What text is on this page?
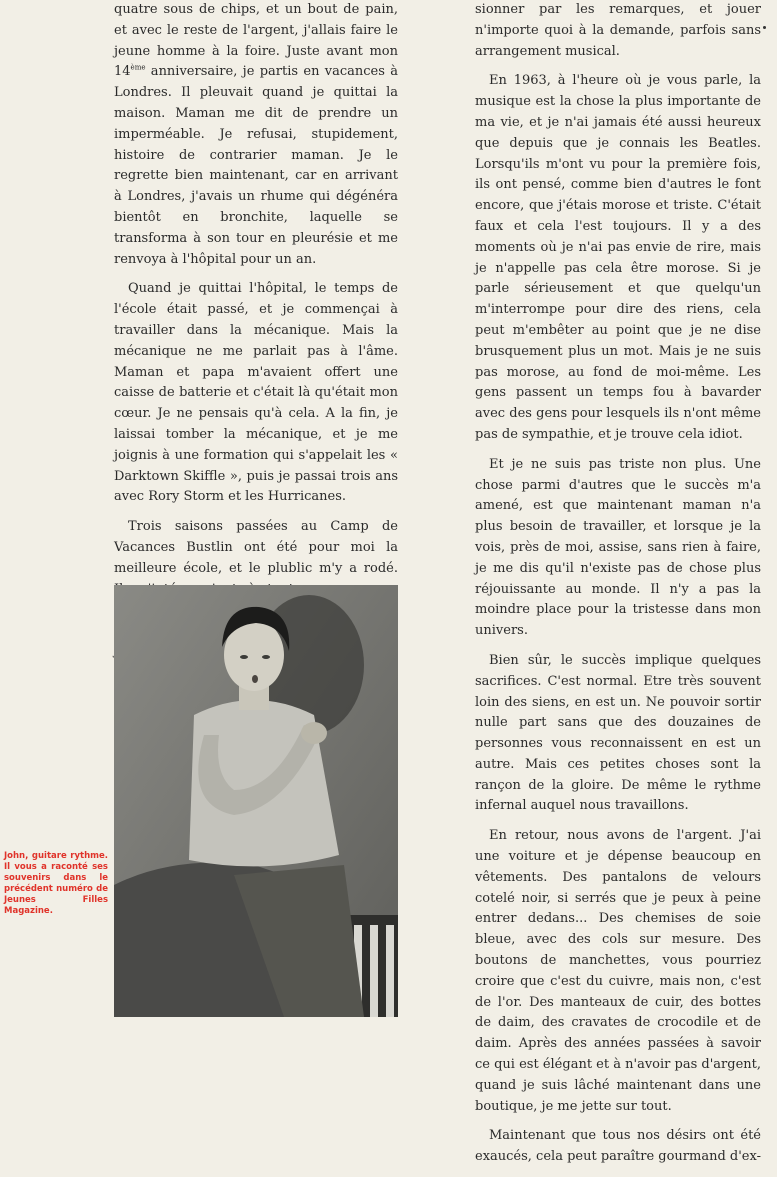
quatre sous de chips, et un bout de pain, et avec le reste de l'argent, j'allais faire le jeune homme à la foire. Juste avant mon 14ème anniversaire, je partis en vacances à Londres. Il pleuvait quand je quittai la maison. Maman me dit de prendre un imperméable. Je refusai, stupidement, histoire de contrarier maman. Je le regrette bien maintenant, car en arrivant à Londres, j'avais un rhume qui dégénéra bientôt en bronchite, laquelle se transforma à son tour en pleurésie et me renvoya à l'hôpital pour un an.

Quand je quittai l'hôpital, le temps de l'école était passé, et je commençai à travailler dans la mécanique. Mais la mécanique ne me parlait pas à l'âme. Maman et papa m'avaient offert une caisse de batterie et c'était là qu'était mon cœur. Je ne pensais qu'à cela. A la fin, je laissai tomber la mécanique, et je me joignis à une formation qui s'appelait les « Darktown Skiffle », puis je passai trois ans avec Rory Storm et les Hurricanes.

Trois saisons passées au Camp de Vacances Bustlin ont été pour moi la meilleure école, et le plublic m'y a rodé.

John, guitare rythme. Il vous a raconté ses souvenirs dans le précédent numéro de Jeunes Filles Magazine.

sionner par les remarques, et jouer n'importe quoi à la demande, parfois sans arrangement musical.

En 1963, à l'heure où je vous parle, la musique est la chose la plus importante de ma vie, et je n'ai jamais été aussi heureux que depuis que je connais les Beatles. Lorsqu'ils m'ont vu pour la première fois, ils ont pensé, comme bien d'autres le font encore, que j'étais morose et triste. C'était faux et cela l'est toujours. Il y a des moments où je n'ai pas envie de rire, mais je n'appelle pas cela être morose. Si je parle sérieusement et que quelqu'un m'interrompe pour dire des riens, cela peut m'embêter au point que je ne dise brusquement plus un mot. Mais je ne suis pas morose, au fond de moi-même. Les gens passent un temps fou à bavarder avec des gens pour lesquels ils n'ont même pas de sympathie, et je trouve cela idiot.

Et je ne suis pas triste non plus. Une chose parmi d'autres que le succès m'a amené, est que maintenant maman n'a plus besoin de travailler, et lorsque je la vois, près de moi, assise, sans rien à faire, je me dis qu'il n'existe pas de chose plus réjouissante au monde. Il n'y a pas la moindre place pour la tristesse dans mon univers.

Bien sûr, le succès implique quelques sacrifices. C'est normal. Etre très souvent loin des siens, en est un. Ne pouvoir sortir nulle part sans que des douzaines de personnes vous reconnaissent en est un autre. Mais ces petites choses sont la rançon de la gloire. De même le rythme infernal auquel nous travaillons.

En retour, nous avons de l'argent. J'ai une voiture et je dépense beaucoup en vêtements. Des pantalons de velours cotelé noir, si serrés que je peux à peine entrer dedans... Des chemises de soie bleue, avec des cols sur mesure. Des boutons de manchettes, vous pourriez croire que c'est du cuivre, mais non, c'est de l'or. Des manteaux de cuir, des bottes de daim, des cravates de crocodile et de daim. Après des années passées à savoir ce qui est élégant et à n'avoir pas d'argent, quand je suis lâché maintenant dans une boutique, je me jette sur tout.

Maintenant que tous nos désirs ont été exaucés, cela peut paraître gourmand d'ex-
